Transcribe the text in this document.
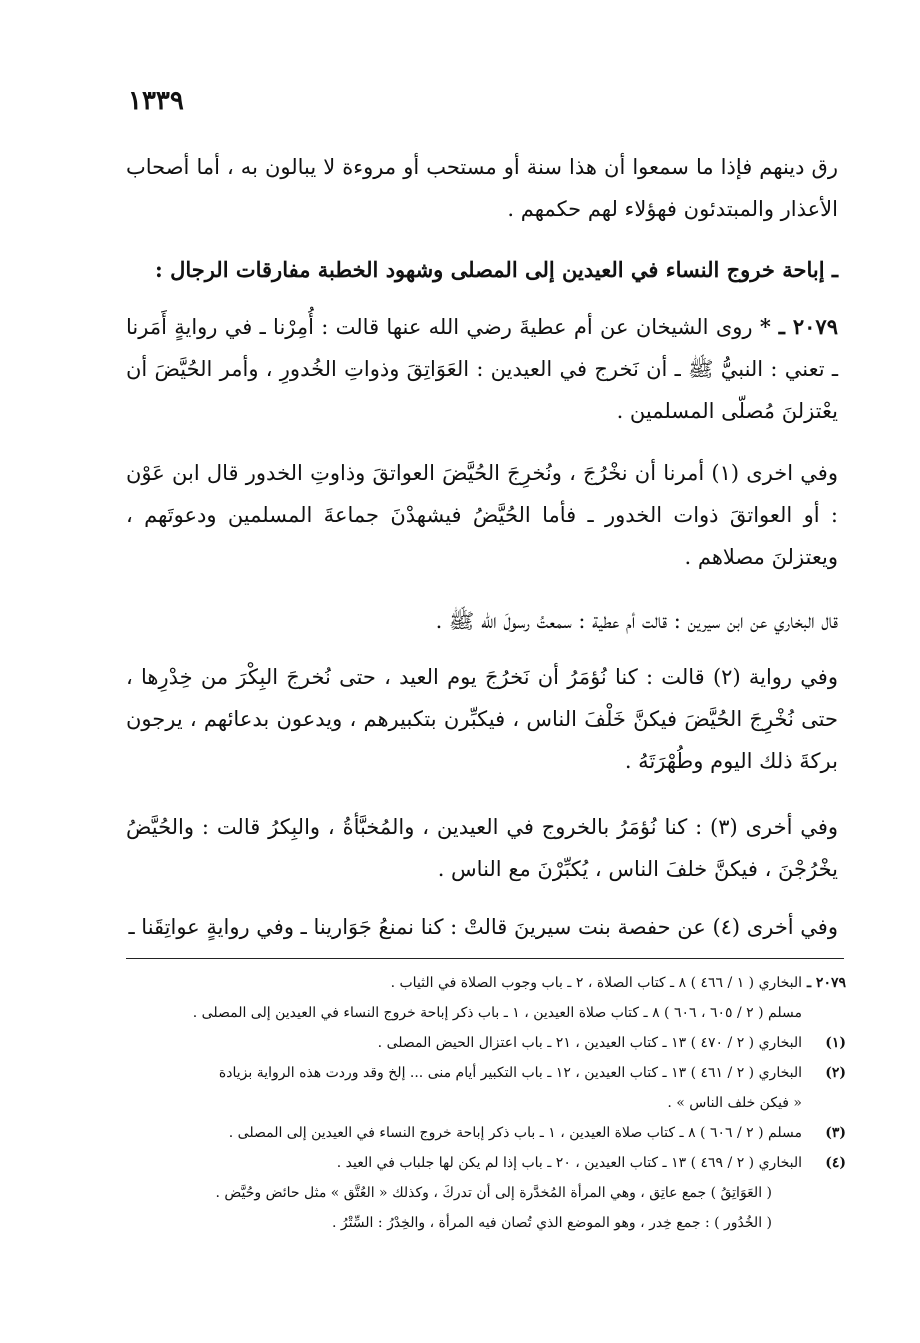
١٣٣٩

رق دينهم فإذا ما سمعوا أن هذا سنة أو مستحب أو مروءة لا يبالون به ، أما أصحاب الأعذار والمبتدئون فهؤلاء لهم حكمهم .

ـ إباحة خروج النساء في العيدين إلى المصلى وشهود الخطبة مفارقات الرجال :

٢٠٧٩ ـ * روى الشيخان عن أم عطيةَ رضي الله عنها قالت : أُمِرْنا ـ في روايةٍ أَمَرنا ـ تعني : النبيُّ ﷺ ـ أن نَخرج في العيدين : العَوَاتِقَ وذواتِ الخُدورِ ، وأمر الحُيَّضَ أن يعْتزلنَ مُصلّى المسلمين .

وفي اخرى (١) أمرنا أن نخْرُجَ ، ونُخرِجَ الحُيَّضَ العواتقَ وذاوتِ الخدور قال ابن عَوْن : أو العواتقَ ذوات الخدور ـ فأما الحُيَّضُ فيشهدْنَ جماعةَ المسلمين ودعوتَهم ، ويعتزلنَ مصلاهم .

قال البخاري عن ابن سيرين : قالت أم عطية : سمعتُ رسولَ الله ﷺ .

وفي رواية (٢) قالت : كنا نُؤمَرُ أن نَخرُجَ يوم العيد ، حتى نُخرجَ البِكْرَ من خِدْرِها ، حتى نُخْرِجَ الحُيَّضَ فيكنَّ خَلْفَ الناس ، فيكبِّرن بتكبيرهم ، ويدعون بدعائهم ، يرجون بركةَ ذلك اليوم وطُهْرَتَهُ .

وفي أخرى (٣) : كنا نُؤمَرُ بالخروج في العيدين ، والمُخبَّأةُ ، والبِكرُ قالت : والحُيَّضُ يخْرُجْنَ ، فيكنَّ خلفَ الناس ، يُكبِّرْنَ مع الناس .

وفي أخرى (٤) عن حفصة بنت سيرينَ قالتْ : كنا نمنعُ جَوَارينا ـ وفي روايةٍ عواتِقَنا ـ

٢٠٧٩ ـالبخاري ( ١ / ٤٦٦ ) ٨ ـ كتاب الصلاة ، ٢ ـ باب وجوب الصلاة في الثياب .

مسلم ( ٢ / ٦٠٥ ، ٦٠٦ ) ٨ ـ كتاب صلاة العيدين ، ١ ـ باب ذكر إباحة خروج النساء في العيدين إلى المصلى .

(١)البخاري ( ٢ / ٤٧٠ ) ١٣ ـ كتاب العيدين ، ٢١ ـ باب اعتزال الحيض المصلى .

(٢)البخاري ( ٢ / ٤٦١ ) ١٣ ـ كتاب العيدين ، ١٢ ـ باب التكبير أيام منى ... إلخ وقد وردت هذه الرواية بزيادة

« فيكن خلف الناس » .

(٣)مسلم ( ٢ / ٦٠٦ ) ٨ ـ كتاب صلاة العيدين ، ١ ـ باب ذكر إباحة خروج النساء في العيدين إلى المصلى .

(٤)البخاري ( ٢ / ٤٦٩ ) ١٣ ـ كتاب العيدين ، ٢٠ ـ باب إذا لم يكن لها جلباب في العيد .

( العَوَاتِقُ ) جمع عاتِق ، وهي المرأة المُخدَّرة إلى أن تدركَ ، وكذلك « العُتَّق » مثل حائض وحُيَّض .

( الخُدُور ) : جمع خِدر ، وهو الموضع الذي تُصان فيه المرأة ، والخِدْرُ : السِّتْرُ .
